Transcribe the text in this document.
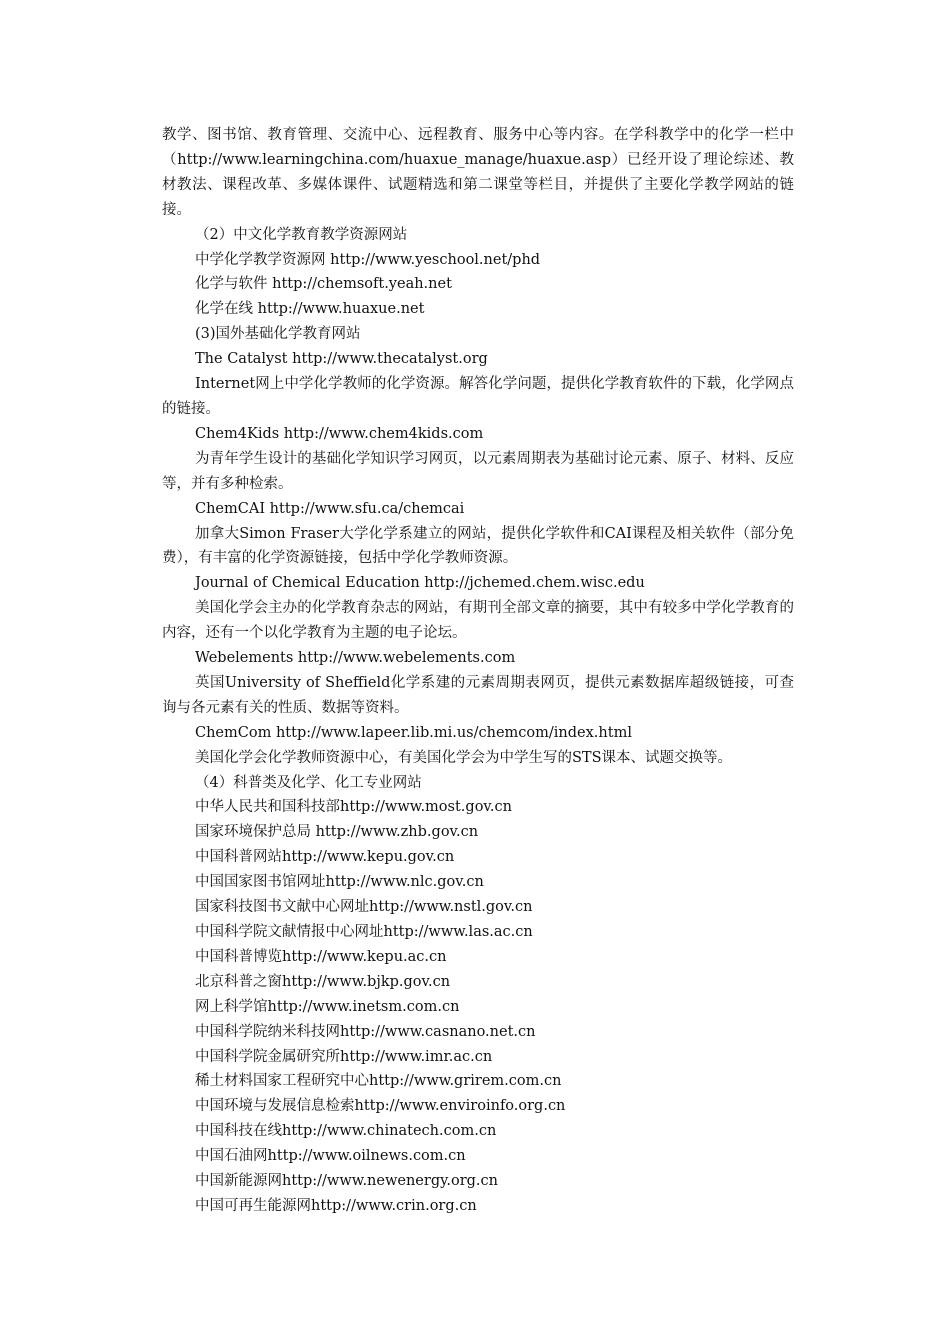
教学、图书馆、教育管理、交流中心、远程教育、服务中心等内容。在学科教学中的化学一栏中（http://www.learningchina.com/huaxue_manage/huaxue.asp）已经开设了理论综述、教材教法、课程改革、多媒体课件、试题精选和第二课堂等栏目，并提供了主要化学教学网站的链接。

（2）中文化学教育教学资源网站

中学化学教学资源网 http://www.yeschool.net/phd

化学与软件 http://chemsoft.yeah.net

化学在线 http://www.huaxue.net

(3)国外基础化学教育网站

The Catalyst http://www.thecatalyst.org

Internet网上中学化学教师的化学资源。解答化学问题，提供化学教育软件的下载，化学网点的链接。

Chem4Kids http://www.chem4kids.com

为青年学生设计的基础化学知识学习网页，以元素周期表为基础讨论元素、原子、材料、反应等，并有多种检索。

ChemCAI http://www.sfu.ca/chemcai

加拿大Simon Fraser大学化学系建立的网站，提供化学软件和CAI课程及相关软件（部分免费），有丰富的化学资源链接，包括中学化学教师资源。

Journal of Chemical Education http://jchemed.chem.wisc.edu

美国化学会主办的化学教育杂志的网站，有期刊全部文章的摘要，其中有较多中学化学教育的内容，还有一个以化学教育为主题的电子论坛。

Webelements http://www.webelements.com

英国University of Sheffield化学系建的元素周期表网页，提供元素数据库超级链接，可查询与各元素有关的性质、数据等资料。

ChemCom http://www.lapeer.lib.mi.us/chemcom/index.html

美国化学会化学教师资源中心，有美国化学会为中学生写的STS课本、试题交换等。

（4）科普类及化学、化工专业网站

中华人民共和国科技部http://www.most.gov.cn

国家环境保护总局 http://www.zhb.gov.cn

中国科普网站http://www.kepu.gov.cn

中国国家图书馆网址http://www.nlc.gov.cn

国家科技图书文献中心网址http://www.nstl.gov.cn

中国科学院文献情报中心网址http://www.las.ac.cn

中国科普博览http://www.kepu.ac.cn

北京科普之窗http://www.bjkp.gov.cn

网上科学馆http://www.inetsm.com.cn

中国科学院纳米科技网http://www.casnano.net.cn

中国科学院金属研究所http://www.imr.ac.cn

稀土材料国家工程研究中心http://www.grirem.com.cn

中国环境与发展信息检索http://www.enviroinfo.org.cn

中国科技在线http://www.chinatech.com.cn

中国石油网http://www.oilnews.com.cn

中国新能源网http://www.newenergy.org.cn

中国可再生能源网http://www.crin.org.cn
